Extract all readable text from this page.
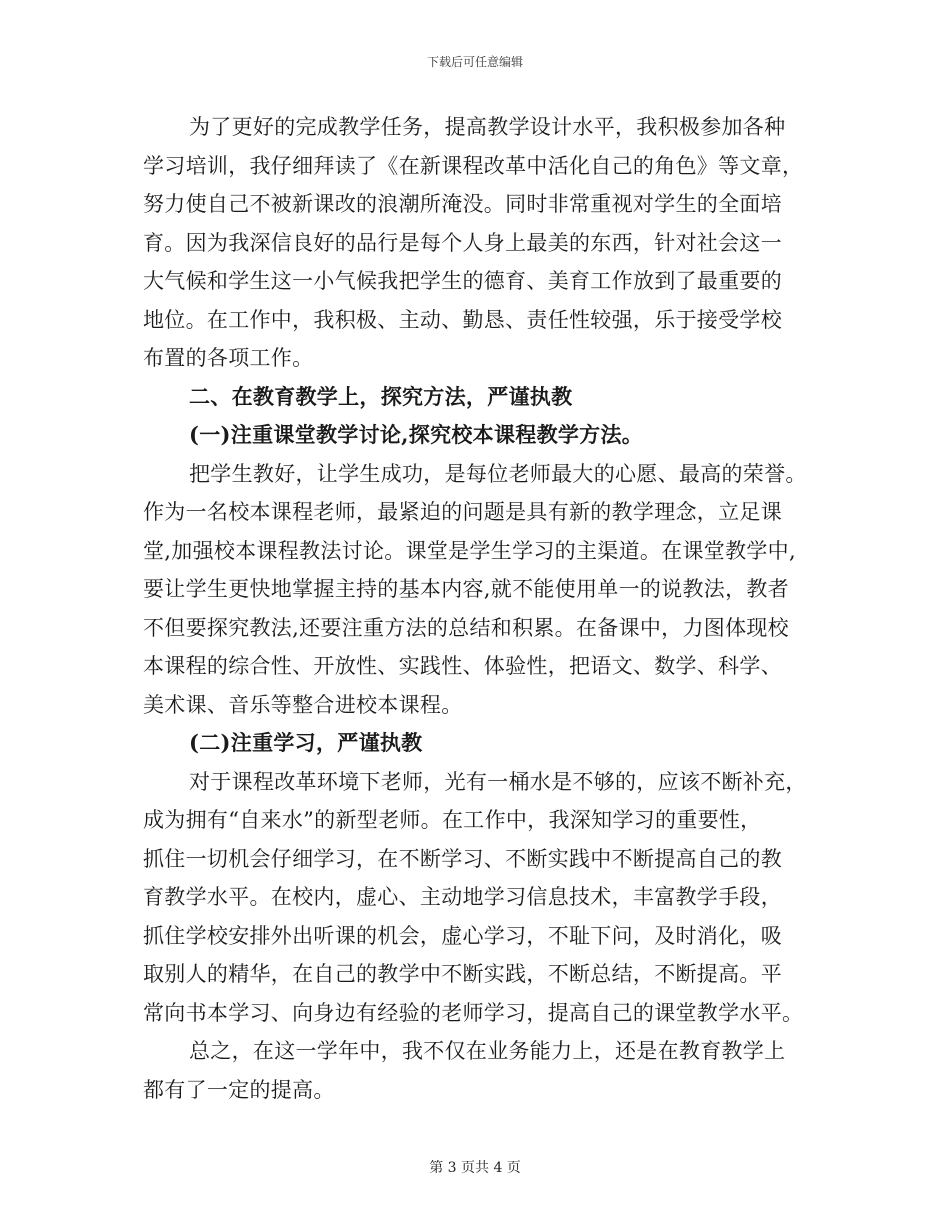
下载后可任意编辑
为了更好的完成教学任务，提高教学设计水平，我积极参加各种
学习培训，我仔细拜读了《在新课程改革中活化自己的角色》等文章，
努力使自己不被新课改的浪潮所淹没。同时非常重视对学生的全面培
育。因为我深信良好的品行是每个人身上最美的东西，针对社会这一
大气候和学生这一小气候我把学生的德育、美育工作放到了最重要的
地位。在工作中，我积极、主动、勤恳、责任性较强，乐于接受学校
布置的各项工作。
二、在教育教学上，探究方法，严谨执教
(一)注重课堂教学讨论,探究校本课程教学方法。
把学生教好，让学生成功，是每位老师最大的心愿、最高的荣誉。
作为一名校本课程老师，最紧迫的问题是具有新的教学理念，立足课
堂,加强校本课程教法讨论。课堂是学生学习的主渠道。在课堂教学中,
要让学生更快地掌握主持的基本内容,就不能使用单一的说教法，教者
不但要探究教法,还要注重方法的总结和积累。在备课中，力图体现校
本课程的综合性、开放性、实践性、体验性，把语文、数学、科学、
美术课、音乐等整合进校本课程。
(二)注重学习，严谨执教
对于课程改革环境下老师，光有一桶水是不够的，应该不断补充，
成为拥有“自来水”的新型老师。在工作中，我深知学习的重要性，
抓住一切机会仔细学习，在不断学习、不断实践中不断提高自己的教
育教学水平。在校内，虚心、主动地学习信息技术，丰富教学手段，
抓住学校安排外出听课的机会，虚心学习，不耻下问，及时消化，吸
取别人的精华，在自己的教学中不断实践，不断总结，不断提高。平
常向书本学习、向身边有经验的老师学习，提高自己的课堂教学水平。
总之，在这一学年中，我不仅在业务能力上，还是在教育教学上
都有了一定的提高。
第 3 页共 4 页
